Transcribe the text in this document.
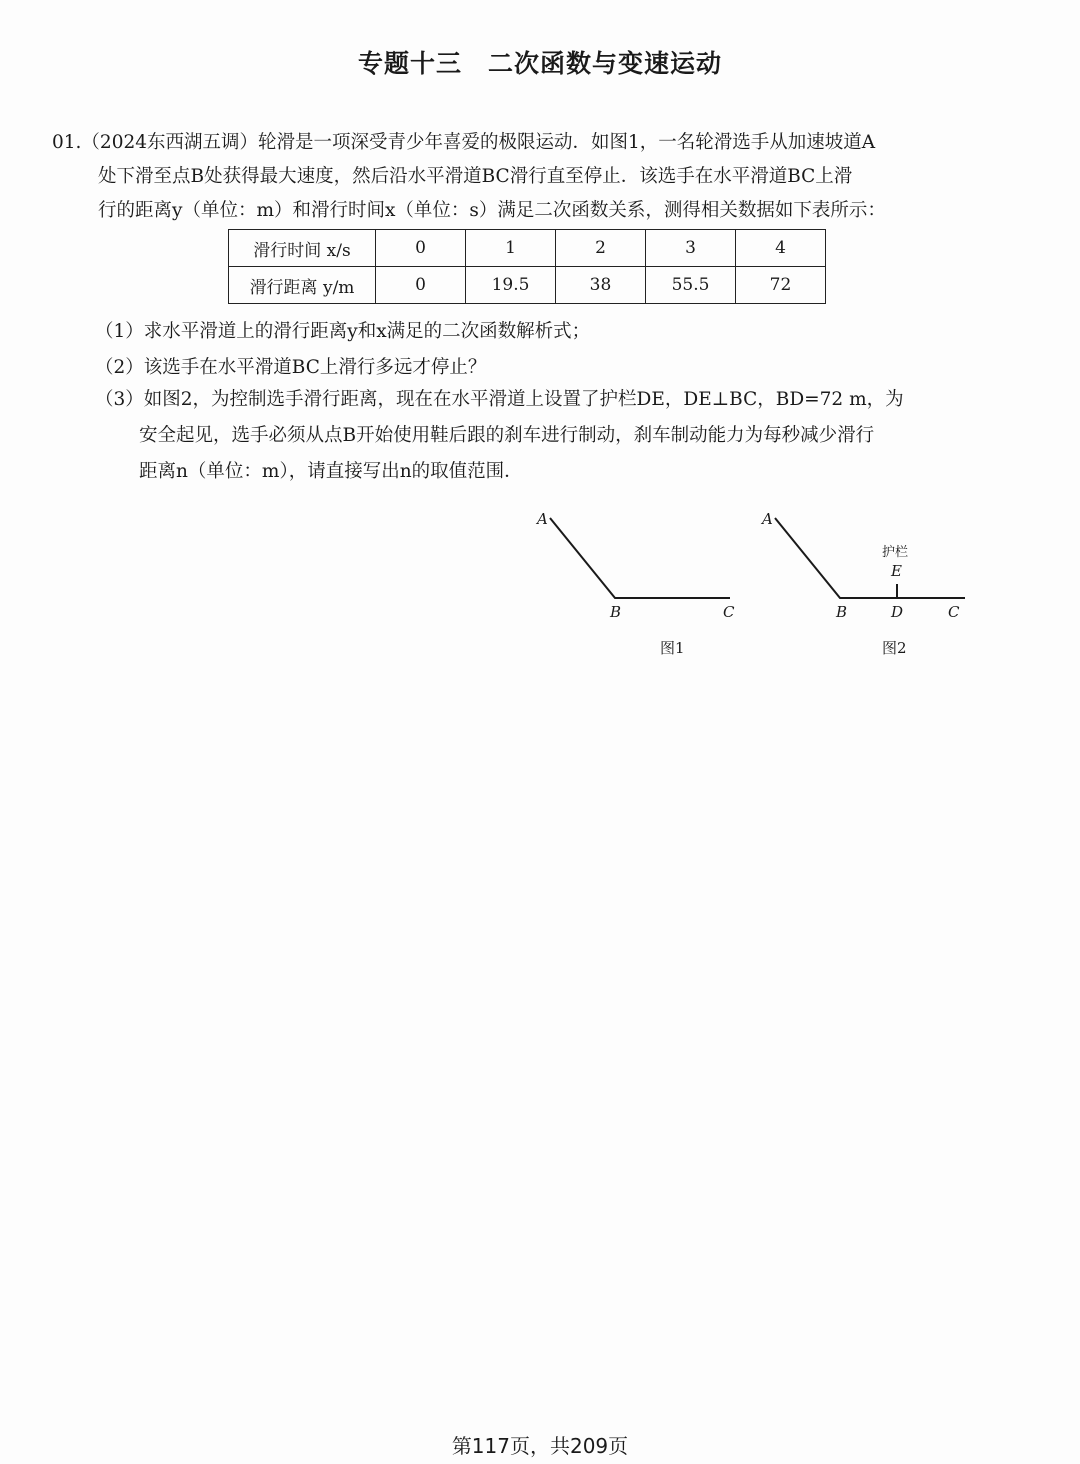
专题十三　二次函数与变速运动
01.（2024东西湖五调）轮滑是一项深受青少年喜爱的极限运动．如图1，一名轮滑选手从加速坡道A
处下滑至点B处获得最大速度，然后沿水平滑道BC滑行直至停止．该选手在水平滑道BC上滑
行的距离y（单位：m）和滑行时间x（单位：s）满足二次函数关系，测得相关数据如下表所示：
滑行时间 x/s	0	1	2	3	4
滑行距离 y/m	0	19.5	38	55.5	72
（1）求水平滑道上的滑行距离y和x满足的二次函数解析式；
（2）该选手在水平滑道BC上滑行多远才停止？
（3）如图2，为控制选手滑行距离，现在在水平滑道上设置了护栏DE，DE⊥BC，BD=72 m，为
安全起见，选手必须从点B开始使用鞋后跟的刹车进行制动，刹车制动能力为每秒减少滑行
距离n（单位：m），请直接写出n的取值范围．
A
B	C
图1
A
B	D	C
E
护栏
图2
第117页，共209页
